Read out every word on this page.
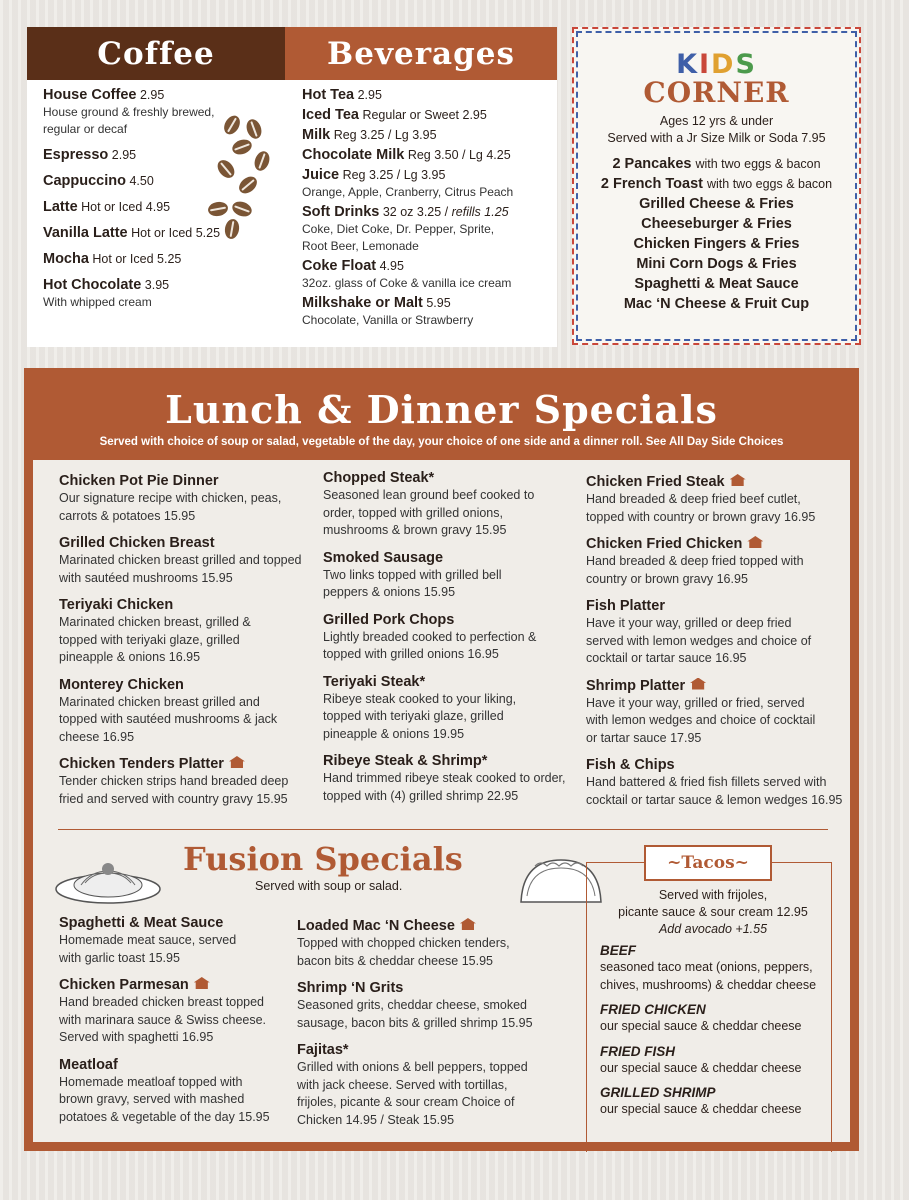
Coffee	Beverages
House Coffee 2.95
House ground & freshly brewed, regular or decaf
Espresso 2.95
Cappuccino 4.50
Latte Hot or Iced 4.95
Vanilla Latte Hot or Iced 5.25
Mocha Hot or Iced 5.25
Hot Chocolate 3.95
With whipped cream
Hot Tea 2.95
Iced Tea Regular or Sweet 2.95
Milk Reg 3.25 / Lg 3.95
Chocolate Milk Reg 3.50 / Lg 4.25
Juice Reg 3.25 / Lg 3.95
Orange, Apple, Cranberry, Citrus Peach
Soft Drinks 32 oz 3.25 / refills 1.25
Coke, Diet Coke, Dr. Pepper, Sprite, Root Beer, Lemonade
Coke Float 4.95
32oz. glass of Coke & vanilla ice cream
Milkshake or Malt 5.95
Chocolate, Vanilla or Strawberry
KIDS
CORNER
Ages 12 yrs & under
Served with a Jr Size Milk or Soda 7.95
2 Pancakes with two eggs & bacon
2 French Toast with two eggs & bacon
Grilled Cheese & Fries
Cheeseburger & Fries
Chicken Fingers & Fries
Mini Corn Dogs & Fries
Spaghetti & Meat Sauce
Mac ‘N Cheese & Fruit Cup
Lunch & Dinner Specials
Served with choice of soup or salad, vegetable of the day, your choice of one side and a dinner roll. See All Day Side Choices
Chicken Pot Pie Dinner
Our signature recipe with chicken, peas, carrots & potatoes 15.95
Grilled Chicken Breast
Marinated chicken breast grilled and topped with sautéed mushrooms 15.95
Teriyaki Chicken
Marinated chicken breast, grilled & topped with teriyaki glaze, grilled pineapple & onions 16.95
Monterey Chicken
Marinated chicken breast grilled and topped with sautéed mushrooms & jack cheese 16.95
Chicken Tenders Platter
Tender chicken strips hand breaded deep fried and served with country gravy 15.95
Chopped Steak*
Seasoned lean ground beef cooked to order, topped with grilled onions, mushrooms & brown gravy 15.95
Smoked Sausage
Two links topped with grilled bell peppers & onions 15.95
Grilled Pork Chops
Lightly breaded cooked to perfection & topped with grilled onions 16.95
Teriyaki Steak*
Ribeye steak cooked to your liking, topped with teriyaki glaze, grilled pineapple & onions 19.95
Ribeye Steak & Shrimp*
Hand trimmed ribeye steak cooked to order, topped with (4) grilled shrimp 22.95
Chicken Fried Steak
Hand breaded & deep fried beef cutlet, topped with country or brown gravy 16.95
Chicken Fried Chicken
Hand breaded & deep fried topped with country or brown gravy 16.95
Fish Platter
Have it your way, grilled or deep fried served with lemon wedges and choice of cocktail or tartar sauce 16.95
Shrimp Platter
Have it your way, grilled or fried, served with lemon wedges and choice of cocktail or tartar sauce 17.95
Fish & Chips
Hand battered & fried fish fillets served with cocktail or tartar sauce & lemon wedges 16.95
Fusion Specials
Served with soup or salad.
~Tacos~
Served with frijoles,
picante sauce & sour cream 12.95
Add avocado +1.55
BEEF
seasoned taco meat (onions, peppers, chives, mushrooms) & cheddar cheese
FRIED CHICKEN
our special sauce & cheddar cheese
FRIED FISH
our special sauce & cheddar cheese
GRILLED SHRIMP
our special sauce & cheddar cheese
Spaghetti & Meat Sauce
Homemade meat sauce, served with garlic toast 15.95
Chicken Parmesan
Hand breaded chicken breast topped with marinara sauce & Swiss cheese. Served with spaghetti 16.95
Meatloaf
Homemade meatloaf topped with brown gravy, served with mashed potatoes & vegetable of the day 15.95
Loaded Mac ‘N Cheese
Topped with chopped chicken tenders, bacon bits & cheddar cheese 15.95
Shrimp ‘N Grits
Seasoned grits, cheddar cheese, smoked sausage, bacon bits & grilled shrimp 15.95
Fajitas*
Grilled with onions & bell peppers, topped with jack cheese. Served with tortillas, frijoles, picante & sour cream Choice of Chicken 14.95 / Steak 15.95
